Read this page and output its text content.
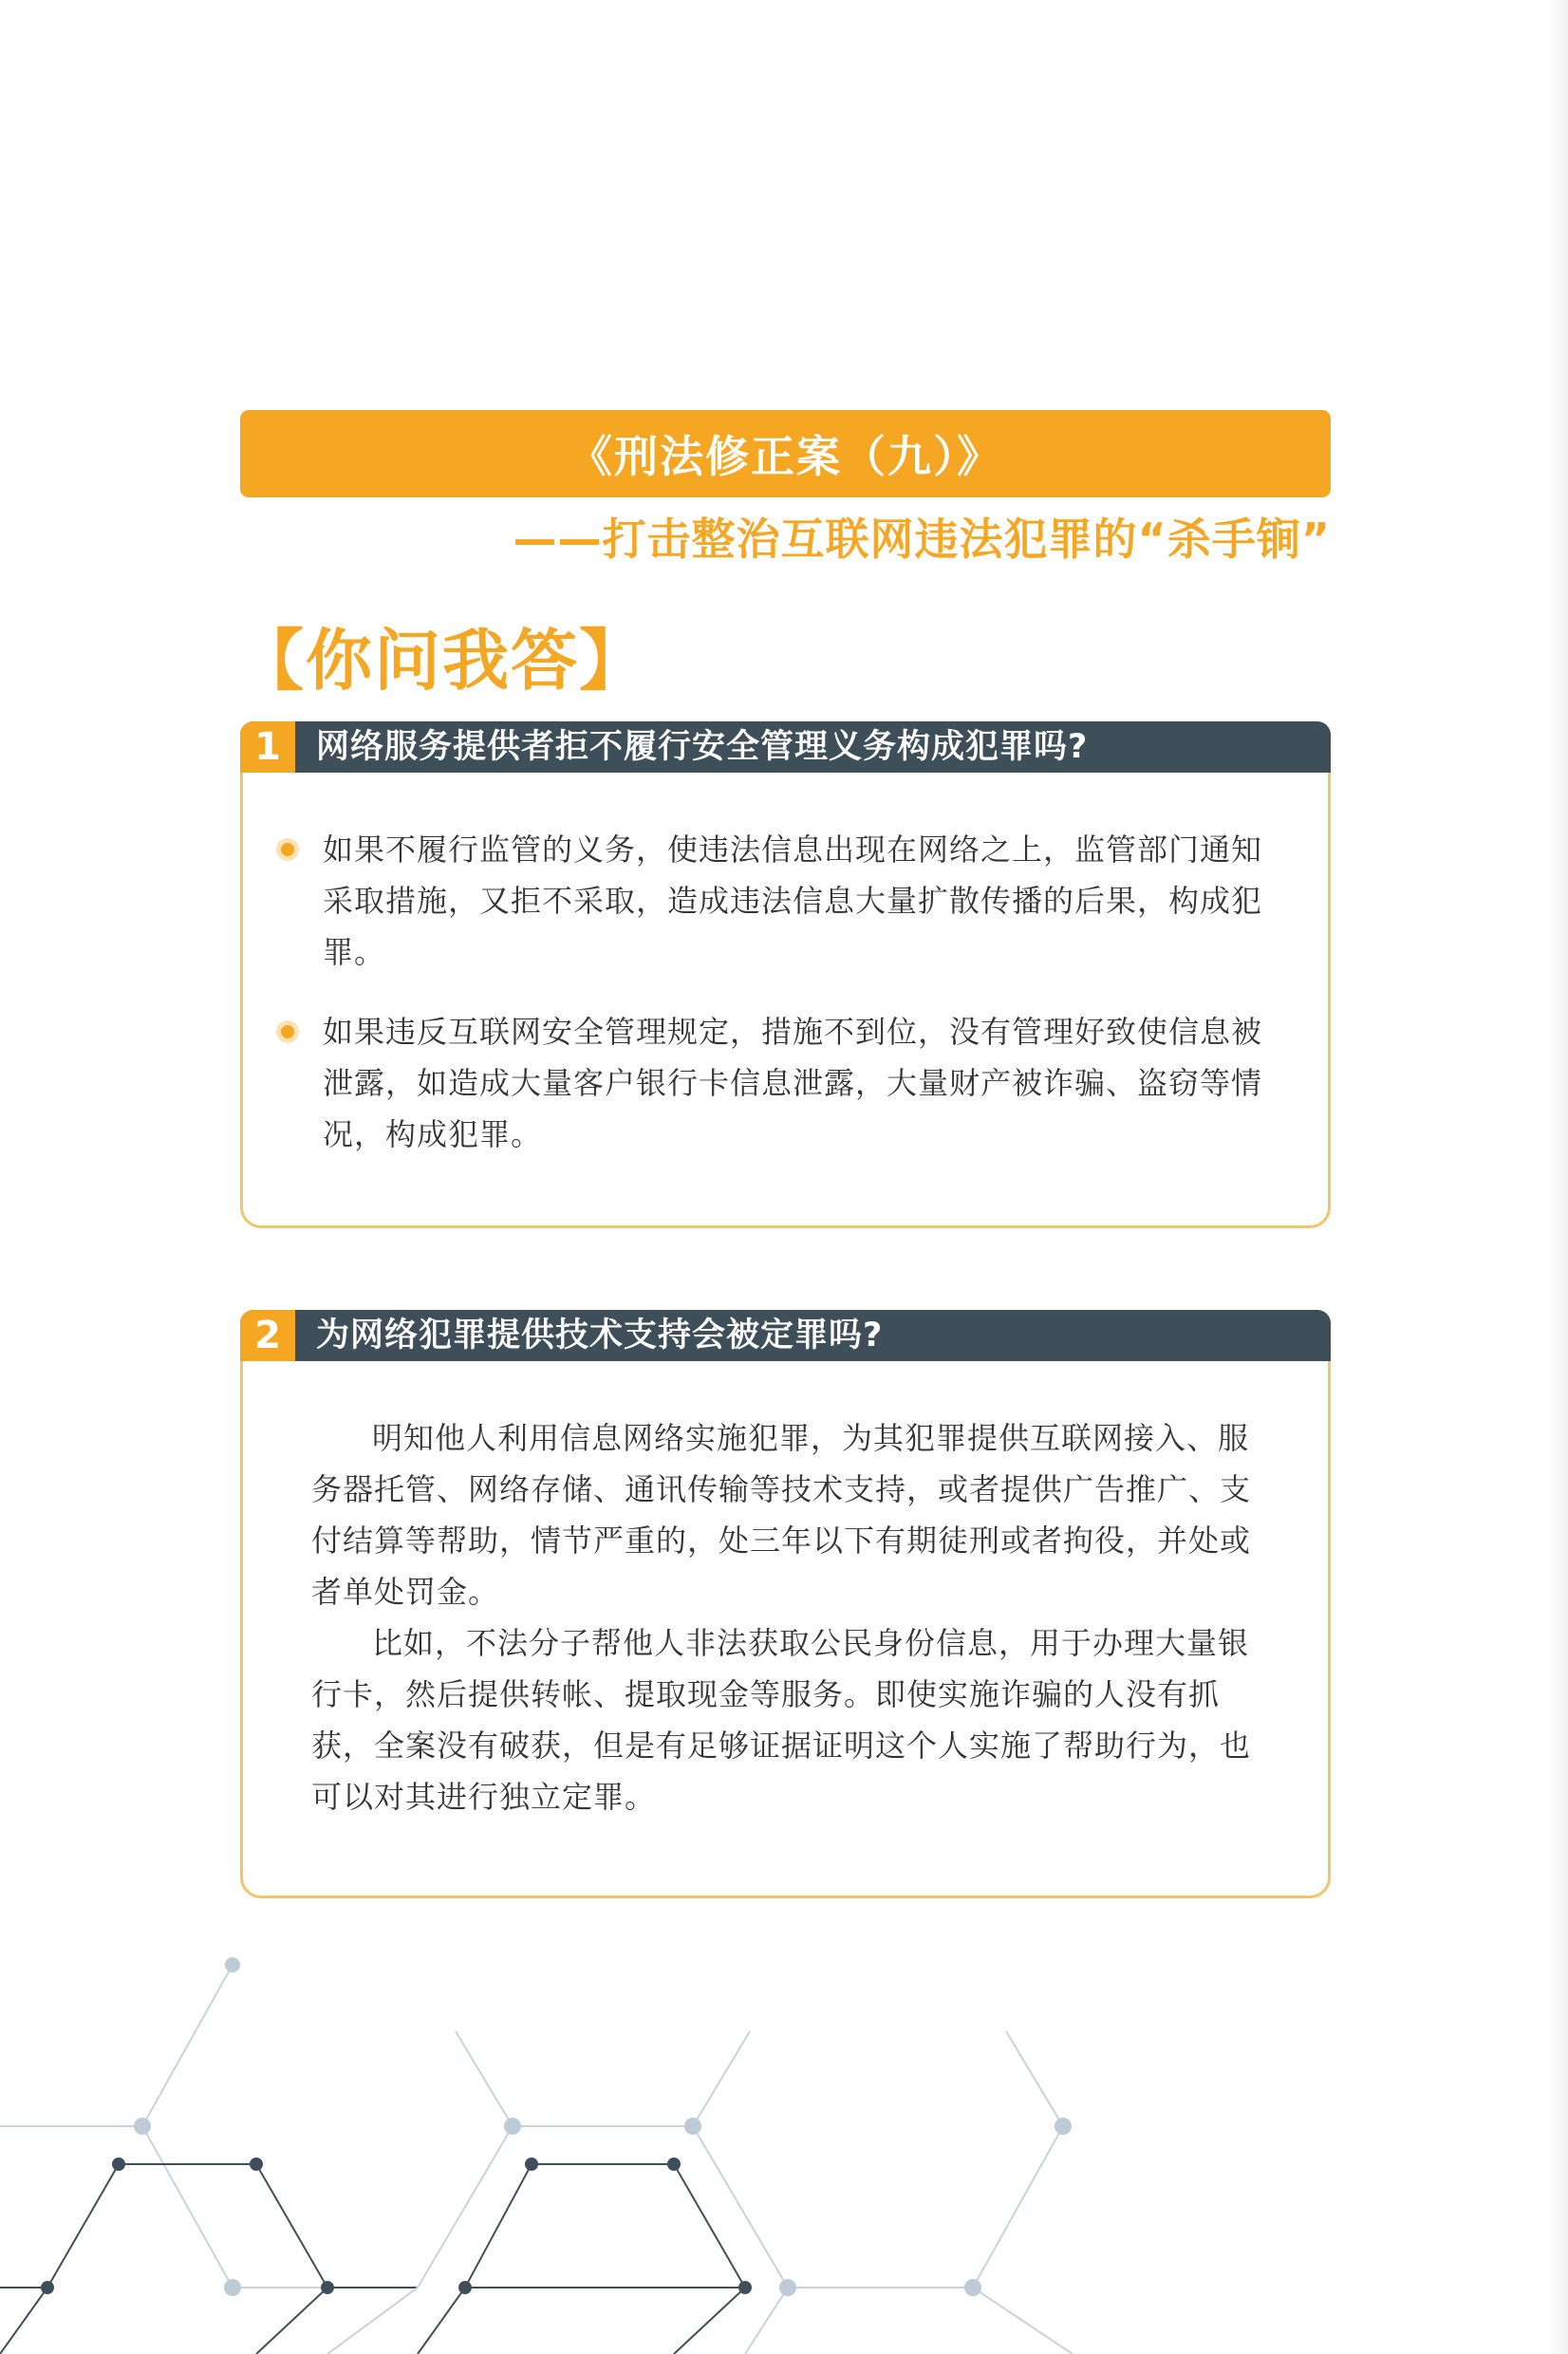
《刑法修正案（九）》
——打击整治互联网违法犯罪的“杀手锏”
【你问我答】
1	网络服务提供者拒不履行安全管理义务构成犯罪吗?
如果不履行监管的义务，使违法信息出现在网络之上，监管部门通知采取措施，又拒不采取，造成违法信息大量扩散传播的后果，构成犯罪。
如果违反互联网安全管理规定，措施不到位，没有管理好致使信息被泄露，如造成大量客户银行卡信息泄露，大量财产被诈骗、盗窃等情况，构成犯罪。
2	为网络犯罪提供技术支持会被定罪吗?

明知他人利用信息网络实施犯罪，为其犯罪提供互联网接入、服务器托管、网络存储、通讯传输等技术支持，或者提供广告推广、支付结算等帮助，情节严重的，处三年以下有期徒刑或者拘役，并处或者单处罚金。

比如，不法分子帮他人非法获取公民身份信息，用于办理大量银行卡，然后提供转帐、提取现金等服务。即使实施诈骗的人没有抓获，全案没有破获，但是有足够证据证明这个人实施了帮助行为，也可以对其进行独立定罪。
